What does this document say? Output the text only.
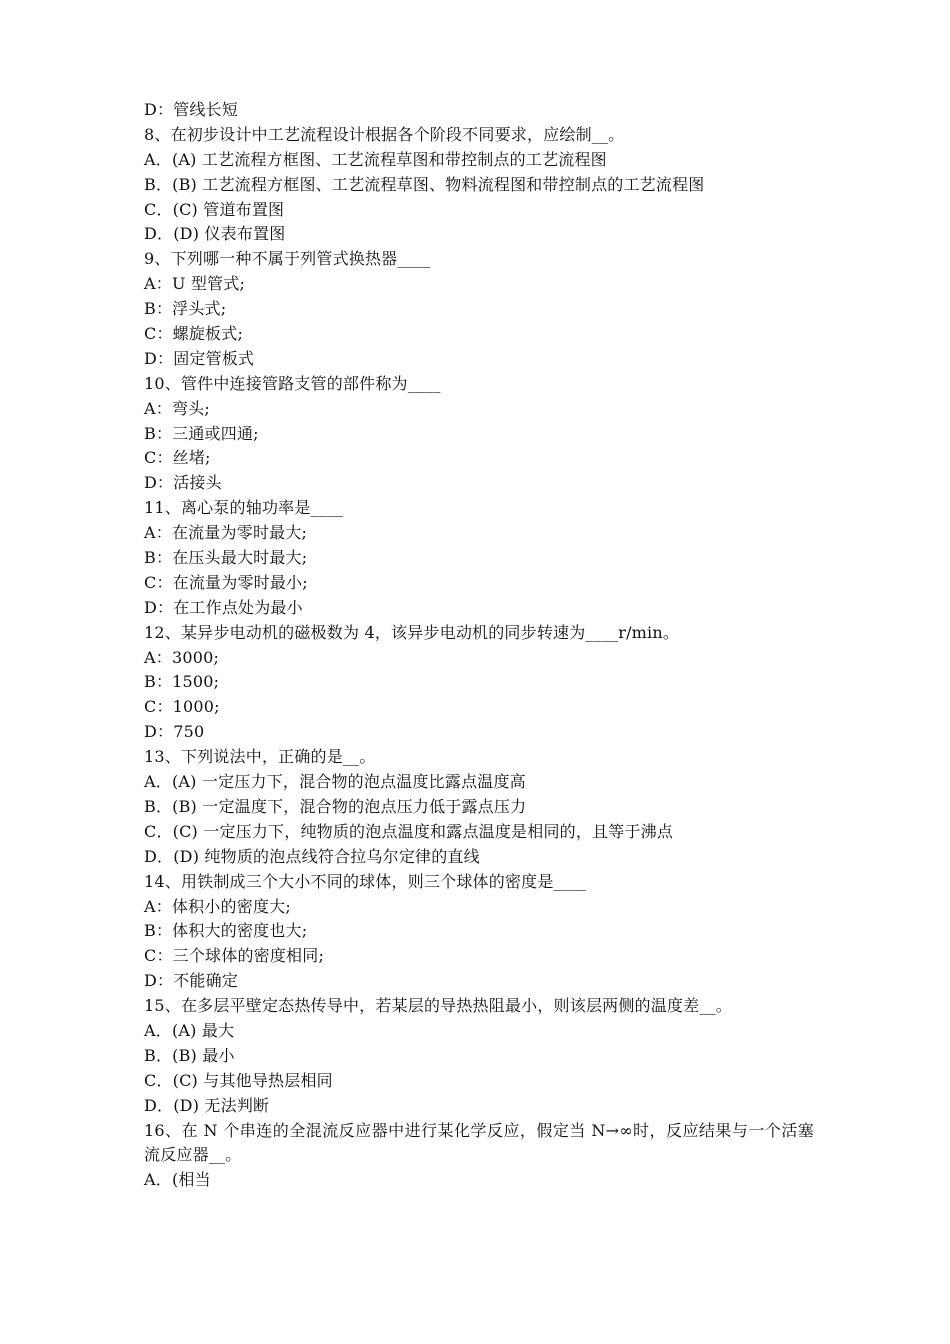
D：管线长短
8、在初步设计中工艺流程设计根据各个阶段不同要求，应绘制__。
A．(A) 工艺流程方框图、工艺流程草图和带控制点的工艺流程图
B．(B) 工艺流程方框图、工艺流程草图、物料流程图和带控制点的工艺流程图
C．(C) 管道布置图
D．(D) 仪表布置图
9、下列哪一种不属于列管式换热器____
A：U 型管式;
B：浮头式;
C：螺旋板式;
D：固定管板式
10、管件中连接管路支管的部件称为____
A：弯头;
B：三通或四通;
C：丝堵;
D：活接头
11、离心泵的轴功率是____
A：在流量为零时最大;
B：在压头最大时最大;
C：在流量为零时最小;
D：在工作点处为最小
12、某异步电动机的磁极数为 4，该异步电动机的同步转速为____r/min。
A：3000;
B：1500;
C：1000;
D：750
13、下列说法中，正确的是__。
A．(A) 一定压力下，混合物的泡点温度比露点温度高
B．(B) 一定温度下，混合物的泡点压力低于露点压力
C．(C) 一定压力下，纯物质的泡点温度和露点温度是相同的，且等于沸点
D．(D) 纯物质的泡点线符合拉乌尔定律的直线
14、用铁制成三个大小不同的球体，则三个球体的密度是____
A：体积小的密度大;
B：体积大的密度也大;
C：三个球体的密度相同;
D：不能确定
15、在多层平壁定态热传导中，若某层的导热热阻最小，则该层两侧的温度差__。
A．(A) 最大
B．(B) 最小
C．(C) 与其他导热层相同
D．(D) 无法判断
16、在 N 个串连的全混流反应器中进行某化学反应，假定当 N→∞时，反应结果与一个活塞流反应器__。
A．(相当
